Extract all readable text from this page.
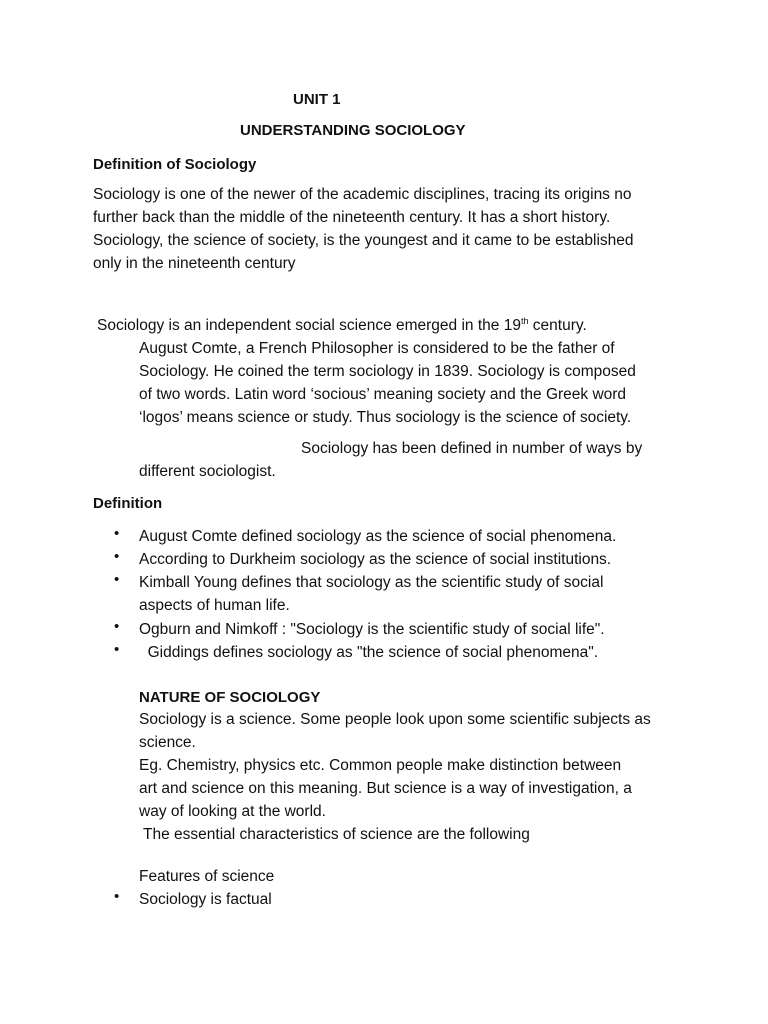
UNIT 1
UNDERSTANDING SOCIOLOGY
Definition of Sociology
Sociology is one of the newer of the academic disciplines, tracing its origins no
further back than the middle of the nineteenth century. It has a short history.
Sociology, the science of society, is the youngest and it came to be established
only in the nineteenth century
Sociology is an independent social science emerged in the 19th century.
August Comte, a French Philosopher is considered to be the father of
Sociology. He coined the term sociology in 1839. Sociology is composed
of two words. Latin word ‘socious’ meaning society and the Greek word
‘logos’ means science or study. Thus sociology is the science of society.
Sociology has been defined in number of ways by
different sociologist.
Definition
• August Comte defined sociology as the science of social phenomena.
• According to Durkheim sociology as the science of social institutions.
• Kimball Young defines that sociology as the scientific study of social
aspects of human life.
• Ogburn and Nimkoff : "Sociology is the scientific study of social life".
• Giddings defines sociology as "the science of social phenomena".
NATURE OF SOCIOLOGY
Sociology is a science. Some people look upon some scientific subjects as
science.
Eg. Chemistry, physics etc. Common people make distinction between
art and science on this meaning. But science is a way of investigation, a
way of looking at the world.
The essential characteristics of science are the following
Features of science
• Sociology is factual
